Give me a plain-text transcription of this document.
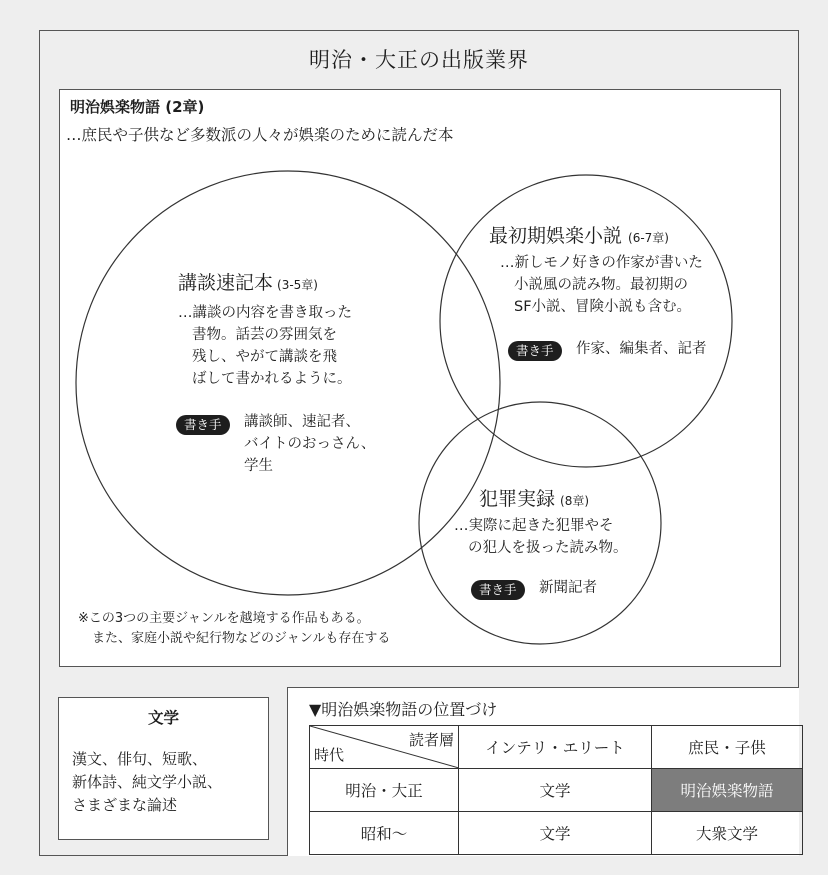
明治・大正の出版業界
明治娯楽物語 (2章)
…庶民や子供など多数派の人々が娯楽のために読んだ本
講談速記本 (3-5章)
…講談の内容を書き取った
書物。話芸の雰囲気を
残し、やがて講談を飛
ばして書かれるように。
書き手	講談師、速記者、
バイトのおっさん、
学生
最初期娯楽小説 (6-7章)
…新しモノ好きの作家が書いた
小説風の読み物。最初期の
SF小説、冒険小説も含む。
書き手	作家、編集者、記者
犯罪実録 (8章)
…実際に起きた犯罪やそ
の犯人を扱った読み物。
書き手	新聞記者
※この3つの主要ジャンルを越境する作品もある。
また、家庭小説や紀行物などのジャンルも存在する
文学
漢文、俳句、短歌、
新体詩、純文学小説、
さまざまな論述
▼明治娯楽物語の位置づけ
読者層
時代	インテリ・エリート	庶民・子供
明治・大正	文学	明治娯楽物語
昭和〜	文学	大衆文学
